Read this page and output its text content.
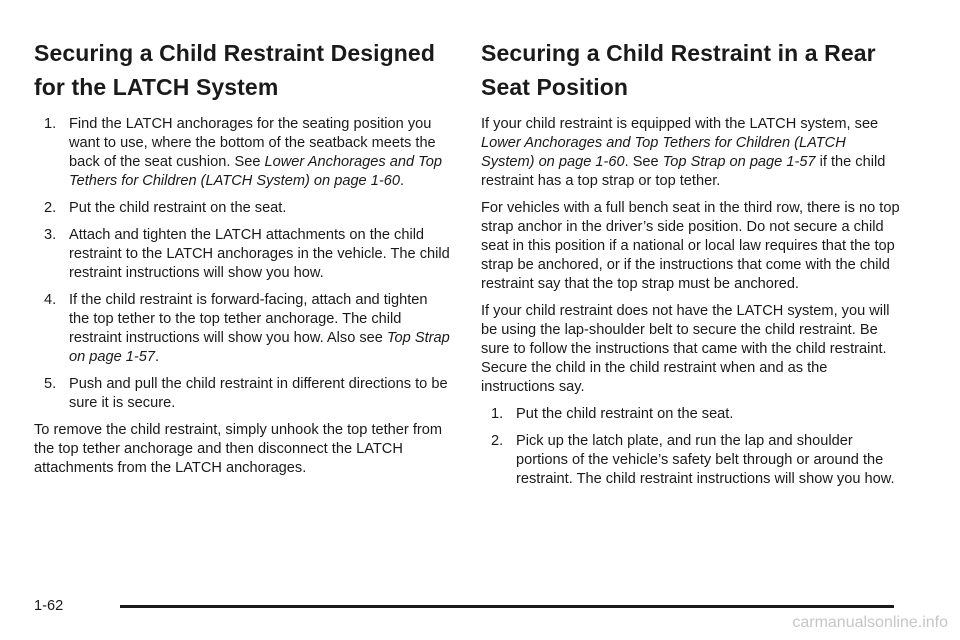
Securing a Child Restraint Designed for the LATCH System
1. Find the LATCH anchorages for the seating position you want to use, where the bottom of the seatback meets the back of the seat cushion. See Lower Anchorages and Top Tethers for Children (LATCH System) on page 1-60.
2. Put the child restraint on the seat.
3. Attach and tighten the LATCH attachments on the child restraint to the LATCH anchorages in the vehicle. The child restraint instructions will show you how.
4. If the child restraint is forward-facing, attach and tighten the top tether to the top tether anchorage. The child restraint instructions will show you how. Also see Top Strap on page 1-57.
5. Push and pull the child restraint in different directions to be sure it is secure.

To remove the child restraint, simply unhook the top tether from the top tether anchorage and then disconnect the LATCH attachments from the LATCH anchorages.

Securing a Child Restraint in a Rear Seat Position

If your child restraint is equipped with the LATCH system, see Lower Anchorages and Top Tethers for Children (LATCH System) on page 1-60. See Top Strap on page 1-57 if the child restraint has a top strap or top tether.

For vehicles with a full bench seat in the third row, there is no top strap anchor in the driver’s side position. Do not secure a child seat in this position if a national or local law requires that the top strap be anchored, or if the instructions that come with the child restraint say that the top strap must be anchored.

If your child restraint does not have the LATCH system, you will be using the lap-shoulder belt to secure the child restraint. Be sure to follow the instructions that came with the child restraint. Secure the child in the child restraint when and as the instructions say.

1. Put the child restraint on the seat.
2. Pick up the latch plate, and run the lap and shoulder portions of the vehicle’s safety belt through or around the restraint. The child restraint instructions will show you how.
1-62
carmanualsonline.info
